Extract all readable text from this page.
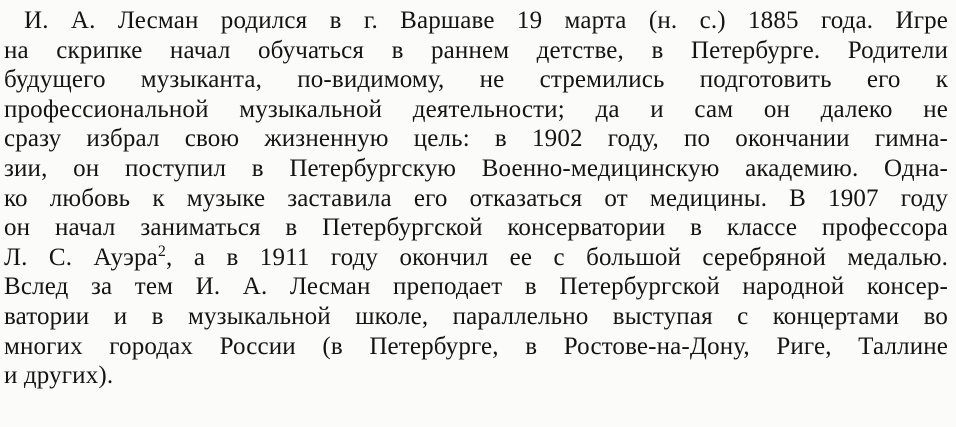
И. А. Лесман родился в г. Варшаве 19 марта (н. с.) 1885 года. Игре
на скрипке начал обучаться в раннем детстве, в Петербурге. Родители
будущего музыканта, по-видимому, не стремились подготовить его к
профессиональной музыкальной деятельности; да и сам он далеко не
сразу избрал свою жизненную цель: в 1902 году, по окончании гимна-
зии, он поступил в Петербургскую Военно-медицинскую академию. Одна-
ко любовь к музыке заставила его отказаться от медицины. В 1907 году
он начал заниматься в Петербургской консерватории в классе профессора
Л. С. Ауэра$^2$, а в 1911 году окончил ее с большой серебряной медалью.
Вслед за тем И. А. Лесман преподает в Петербургской народной консер-
ватории и в музыкальной школе, параллельно выступая с концертами во
многих городах России (в Петербурге, в Ростове-на-Дону, Риге, Таллине
и других).
